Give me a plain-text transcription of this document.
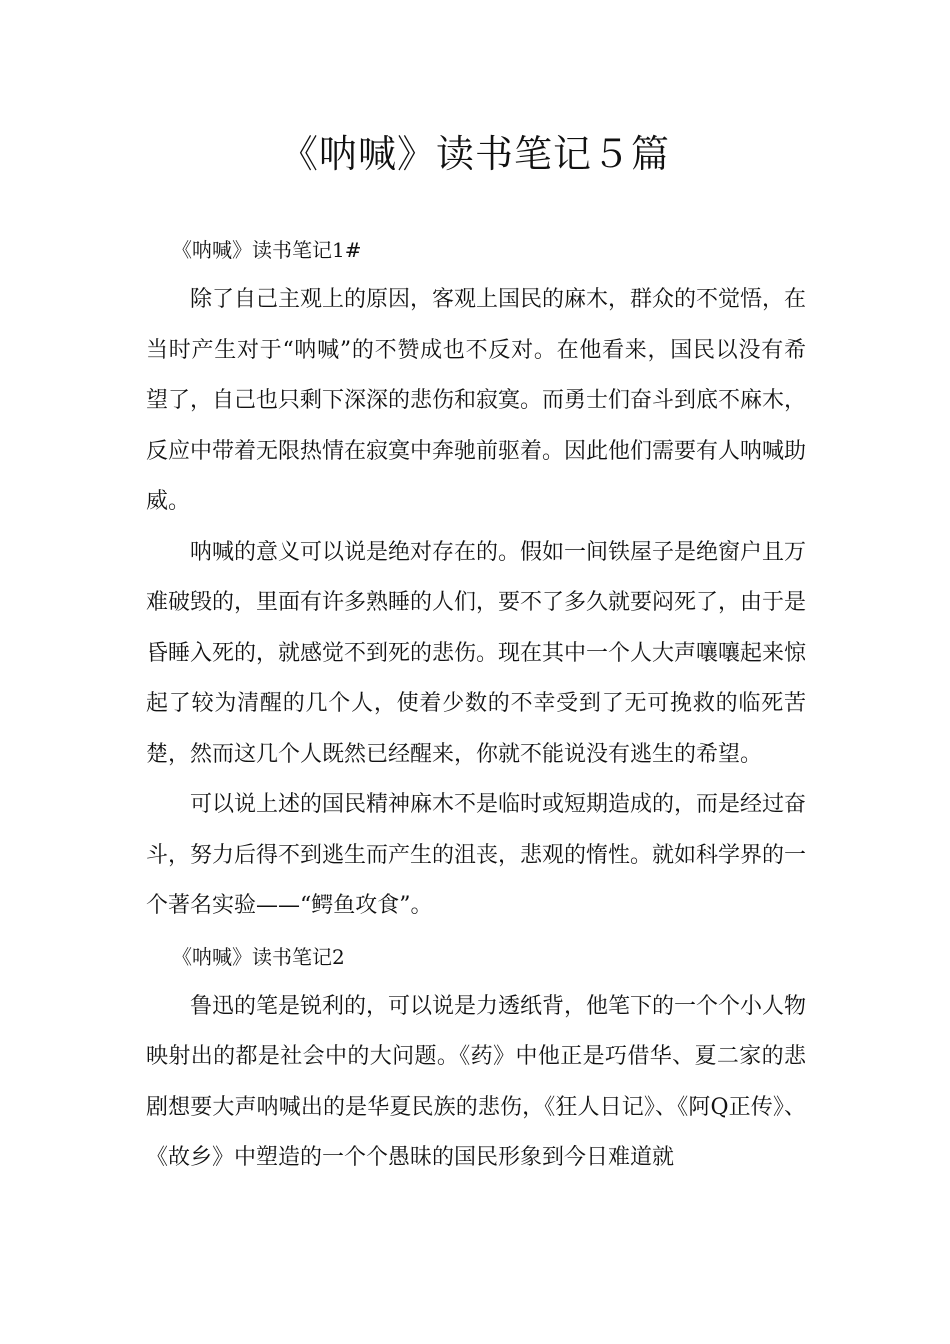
《呐喊》读书笔记５篇

《呐喊》读书笔记1#

除了自己主观上的原因，客观上国民的麻木，群众的不觉悟，在当时产生对于“呐喊”的不赞成也不反对。在他看来，国民以没有希望了，自己也只剩下深深的悲伤和寂寞。而勇士们奋斗到底不麻木，反应中带着无限热情在寂寞中奔驰前驱着。因此他们需要有人呐喊助威。

呐喊的意义可以说是绝对存在的。假如一间铁屋子是绝窗户且万难破毁的，里面有许多熟睡的人们，要不了多久就要闷死了，由于是昏睡入死的，就感觉不到死的悲伤。现在其中一个人大声嚷嚷起来惊起了较为清醒的几个人，使着少数的不幸受到了无可挽救的临死苦楚，然而这几个人既然已经醒来，你就不能说没有逃生的希望。

可以说上述的国民精神麻木不是临时或短期造成的，而是经过奋斗，努力后得不到逃生而产生的沮丧，悲观的惰性。就如科学界的一个著名实验——“鳄鱼攻食”。

《呐喊》读书笔记2

鲁迅的笔是锐利的，可以说是力透纸背，他笔下的一个个小人物映射出的都是社会中的大问题。《药》中他正是巧借华、夏二家的悲剧想要大声呐喊出的是华夏民族的悲伤，《狂人日记》、《阿Q正传》、《故乡》中塑造的一个个愚昧的国民形象到今日难道就
